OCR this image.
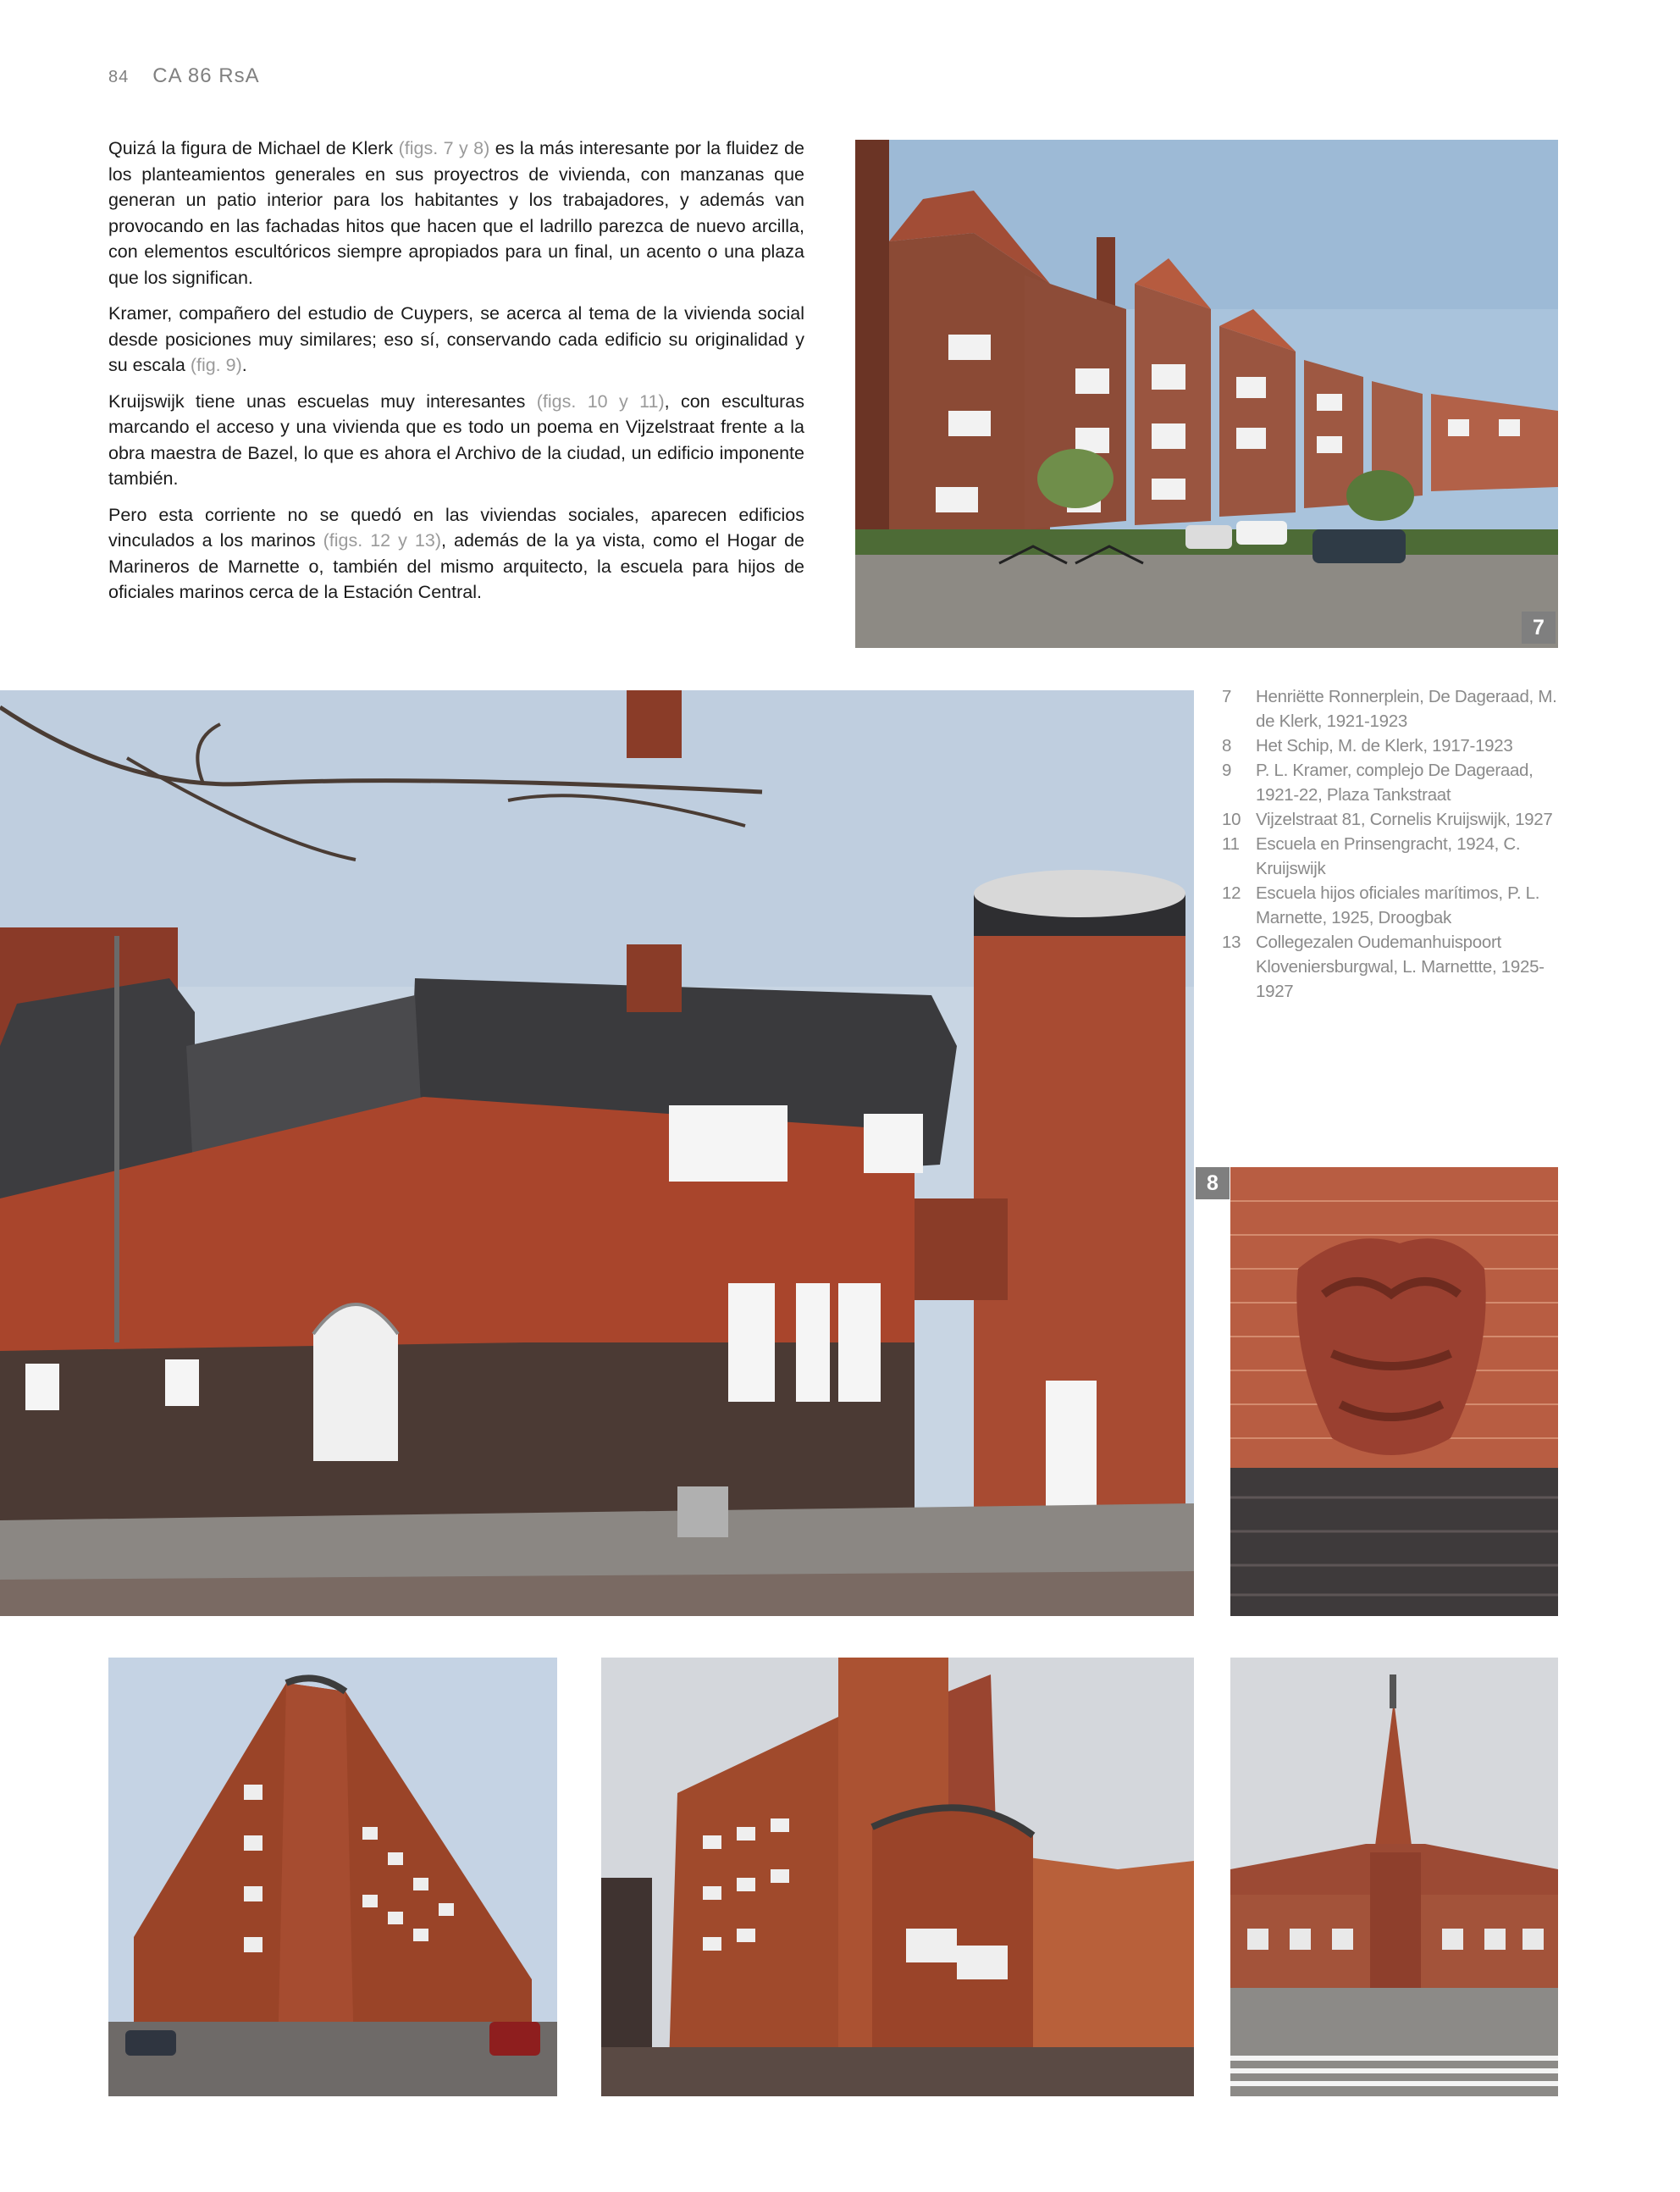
84 CA 86 RsA

Quizá la figura de Michael de Klerk (figs. 7 y 8) es la más interesante por la fluidez de los planteamientos generales en sus proyectros de vivienda, con manzanas que generan un patio interior para los habitantes y los trabajadores, y además van provocando en las fachadas hitos que hacen que el ladrillo parezca de nuevo arcilla, con elementos escultóricos siempre apropiados para un final, un acento o una plaza que los significan.

Kramer, compañero del estudio de Cuypers, se acerca al tema de la vivienda social desde posiciones muy similares; eso sí, conservando cada edificio su originalidad y su escala (fig. 9).

Kruijswijk tiene unas escuelas muy interesantes (figs. 10 y 11), con esculturas marcando el acceso y una vivienda que es todo un poema en Vijzelstraat frente a la obra maestra de Bazel, lo que es ahora el Archivo de la ciudad, un edificio imponente también.

Pero esta corriente no se quedó en las viviendas sociales, aparecen edificios vinculados a los marinos (figs. 12 y 13), además de la ya vista, como el Hogar de Marineros de Marnette o, también del mismo arquitecto, la escuela para hijos de oficiales marinos cerca de la Estación Central.

7
8
7	Henriëtte Ronnerplein, De Dageraad, M. de Klerk, 1921-1923
8	Het Schip, M. de Klerk, 1917-1923
9	P. L. Kramer, complejo De Dageraad, 1921-22, Plaza Tankstraat
10 Vijzelstraat 81, Cornelis Kruijswijk, 1927
11 Escuela en Prinsengracht, 1924, C. Kruijswijk
12 Escuela hijos oficiales marítimos, P. L. Marnette, 1925, Droogbak
13 Collegezalen Oudemanhuispoort Kloveniersburgwal, L. Marnettte, 1925-1927
